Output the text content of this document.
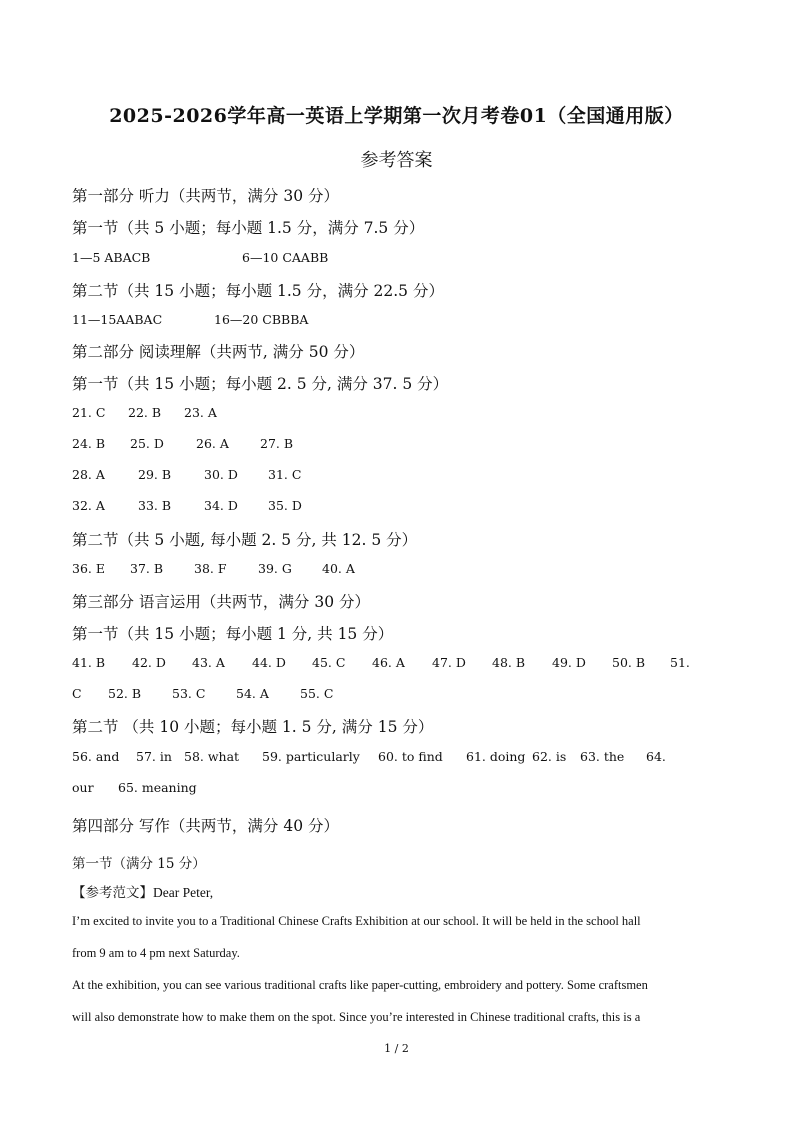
2025-2026学年高一英语上学期第一次月考卷01（全国通用版）
参考答案
第一部分 听力（共两节，满分 30 分）
第一节（共 5 小题；每小题 1.5 分，满分 7.5 分）
1—5 ABACB	6—10 CAABB
第二节（共 15 小题；每小题 1.5 分，满分 22.5 分）
11—15AABAC	16—20 CBBBA
第二部分 阅读理解（共两节, 满分 50 分）
第一节（共 15 小题；每小题 2. 5 分, 满分 37. 5 分）
21. C	22. B	23. A
24. B	25. D	26. A	27. B
28. A	29. B	30. D	31. C
32. A	33. B	34. D	35. D
第二节（共 5 小题, 每小题 2. 5 分, 共 12. 5 分）
36. E	37. B	38. F	39. G	40. A
第三部分 语言运用（共两节，满分 30 分）
第一节（共 15 小题；每小题 1 分, 共 15 分）
41. B	42. D	43. A	44. D	45. C	46. A	47. D	48. B	49. D	50. B	51.
C	52. B	53. C	54. A	55. C
第二节 （共 10 小题；每小题 1. 5 分, 满分 15 分）
56. and	57. in 58. what	59. particularly	60. to find	61. doing 62. is	63. the	64.
our	65. meaning
第四部分 写作（共两节，满分 40 分）
第一节（满分 15 分）
【参考范文】Dear Peter,
I’m excited to invite you to a Traditional Chinese Crafts Exhibition at our school. It will be held in the school hall
from 9 am to 4 pm next Saturday.
At the exhibition, you can see various traditional crafts like paper-cutting, embroidery and pottery. Some craftsmen
will also demonstrate how to make them on the spot. Since you’re interested in Chinese traditional crafts, this is a
1 / 2
